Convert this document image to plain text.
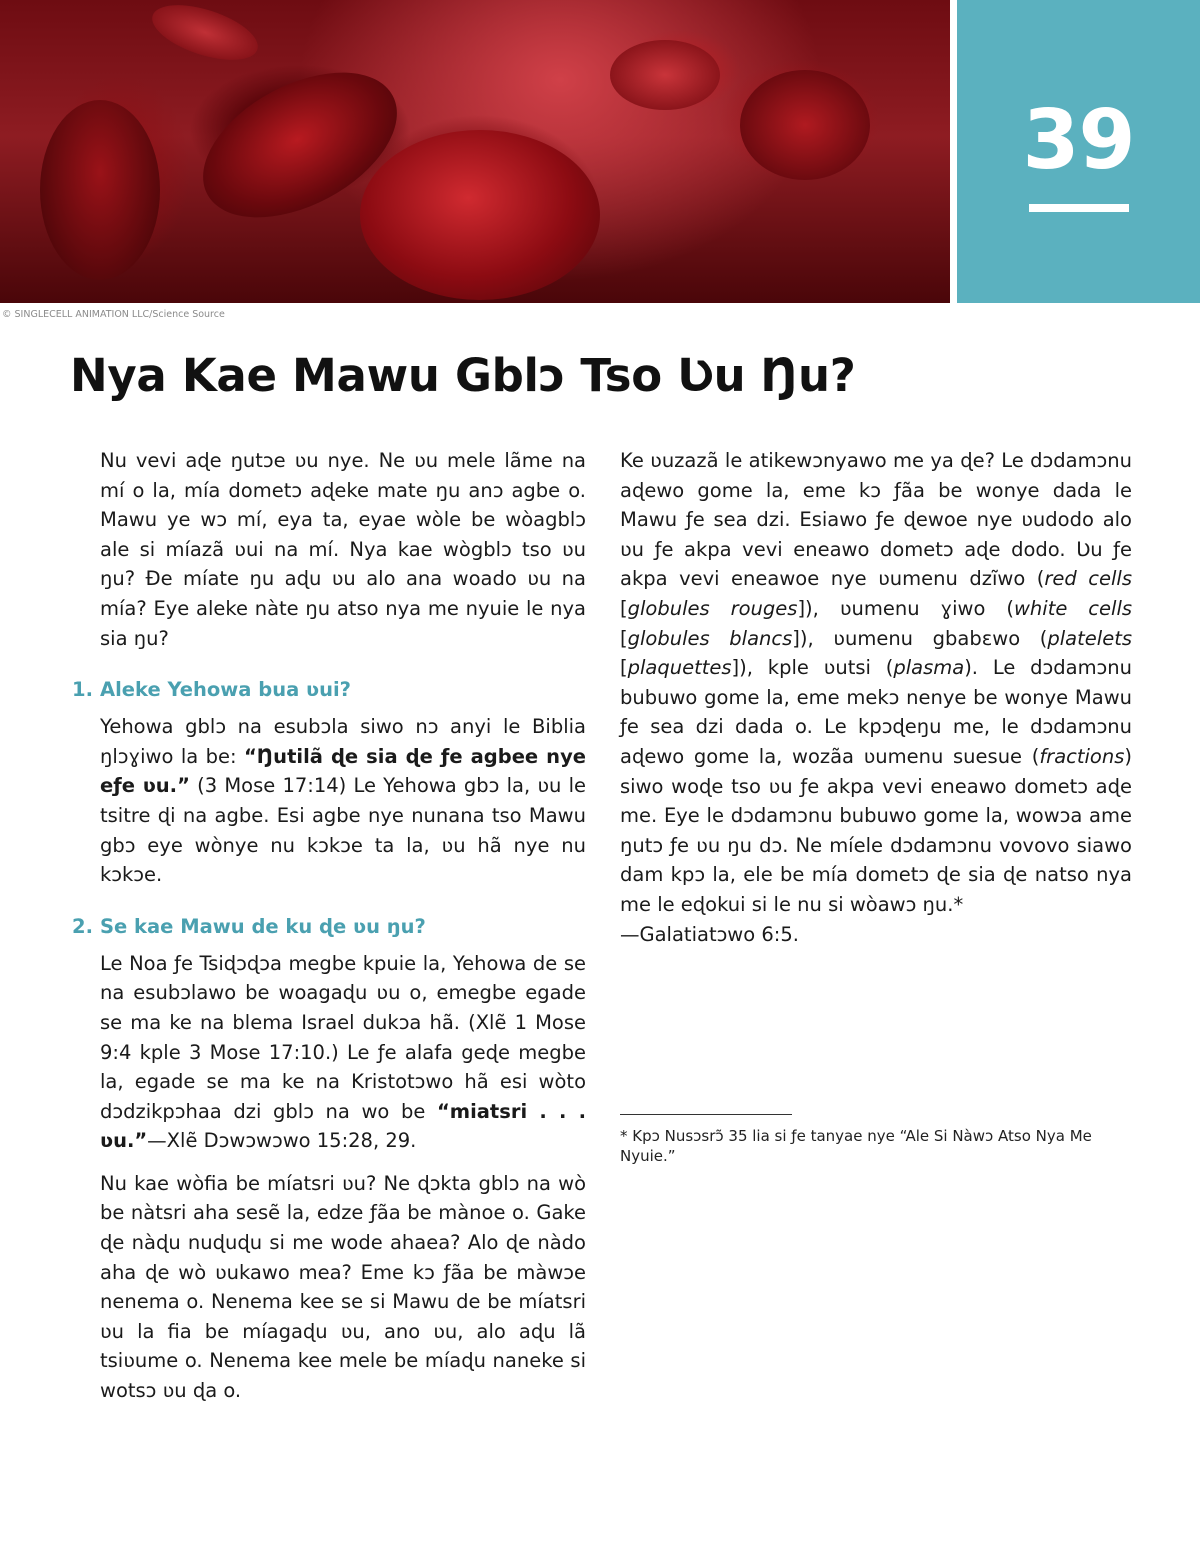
39
© SINGLECELL ANIMATION LLC/Science Source
Nya Kae Mawu Gblɔ Tso Ʋu Ŋu?

Nu vevi aɖe ŋutɔe ʋu nye. Ne ʋu mele lãme na mí o la, mía dometɔ aɖeke mate ŋu anɔ agbe o. Mawu ye wɔ mí, eya ta, eyae wòle be wòagblɔ ale si míazã ʋui na mí. Nya kae wògblɔ tso ʋu ŋu? Ðe míate ŋu aɖu ʋu alo ana woado ʋu na mía? Eye aleke nàte ŋu atso nya me nyuie le nya sia ŋu?

1. Aleke Yehowa bua ʋui?

Yehowa gblɔ na esubɔla siwo nɔ anyi le Biblia ŋlɔɣiwo la be: “Ŋutilã ɖe sia ɖe ƒe agbee nye eƒe ʋu.” (3 Mose 17:14) Le Yehowa gbɔ la, ʋu le tsitre ɖi na agbe. Esi agbe nye nunana tso Mawu gbɔ eye wònye nu kɔkɔe ta la, ʋu hã nye nu kɔkɔe.

2. Se kae Mawu de ku ɖe ʋu ŋu?

Le Noa ƒe Tsiɖɔɖɔa megbe kpuie la, Yehowa de se na esubɔlawo be woagaɖu ʋu o, emegbe egade se ma ke na blema Israel dukɔa hã. (Xlẽ 1 Mose 9:4 kple 3 Mose 17:10.) Le ƒe alafa geɖe megbe la, egade se ma ke na Kristotɔwo hã esi wòto dɔdzikpɔhaa dzi gblɔ na wo be “miatsri . . . ʋu.”—Xlẽ Dɔwɔwɔwo 15:28, 29.

Nu kae wòfia be míatsri ʋu? Ne ɖɔkta gblɔ na wò be nàtsri aha sesẽ la, edze ƒãa be mànoe o. Gake ɖe nàɖu nuɖuɖu si me wode ahaea? Alo ɖe nàdo aha ɖe wò ʋukawo mea? Eme kɔ ƒãa be màwɔe nenema o. Nenema kee se si Mawu de be míatsri ʋu la fia be míagaɖu ʋu, ano ʋu, alo aɖu lã tsiʋume o. Nenema kee mele be míaɖu naneke si wotsɔ ʋu ɖa o.

Ke ʋuzazã le atikewɔnyawo me ya ɖe? Le dɔdamɔnu aɖewo gome la, eme kɔ ƒãa be wonye dada le Mawu ƒe sea dzi. Esiawo ƒe ɖewoe nye ʋudodo alo ʋu ƒe akpa vevi eneawo dometɔ aɖe dodo. Ʋu ƒe akpa vevi eneawoe nye ʋumenu dzĩwo (red cells [globules rouges]), ʋumenu ɣiwo (white cells [globules blancs]), ʋumenu gbabɛwo (platelets [plaquettes]), kple ʋutsi (plasma). Le dɔdamɔnu bubuwo gome la, eme mekɔ nenye be wonye Mawu ƒe sea dzi dada o. Le kpɔɖeŋu me, le dɔdamɔnu aɖewo gome la, wozãa ʋumenu suesue (fractions) siwo woɖe tso ʋu ƒe akpa vevi eneawo dometɔ aɖe me. Eye le dɔdamɔnu bubuwo gome la, wowɔa ame ŋutɔ ƒe ʋu ŋu dɔ. Ne míele dɔdamɔnu vovovo siawo dam kpɔ la, ele be mía dometɔ ɖe sia ɖe natso nya me le eɖokui si le nu si wòawɔ ŋu.*
—Galatiatɔwo 6:5.

* Kpɔ Nusɔsrɔ̃ 35 lia si ƒe tanyae nye “Ale Si Nàwɔ Atso Nya Me Nyuie.”
